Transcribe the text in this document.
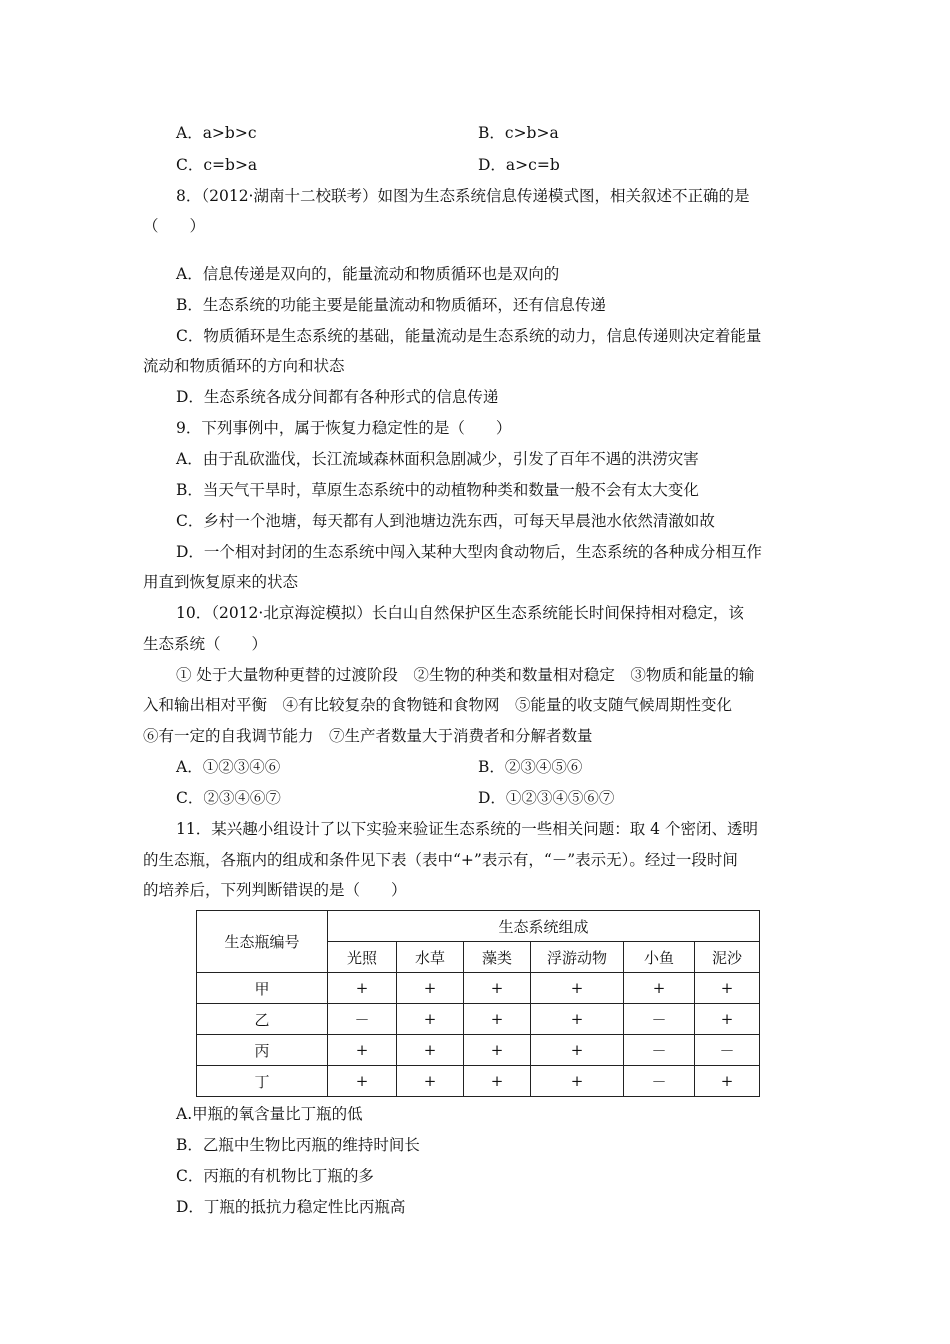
A．a>b>c	B．c>b>a
C．c=b>a	D．a>c=b
8．（2012·湖南十二校联考）如图为生态系统信息传递模式图，相关叙述不正确的是
（　　）
A．信息传递是双向的，能量流动和物质循环也是双向的
B．生态系统的功能主要是能量流动和物质循环，还有信息传递
C．物质循环是生态系统的基础，能量流动是生态系统的动力，信息传递则决定着能量
流动和物质循环的方向和状态
D．生态系统各成分间都有各种形式的信息传递
9．下列事例中，属于恢复力稳定性的是（　　）
A．由于乱砍滥伐，长江流域森林面积急剧减少，引发了百年不遇的洪涝灾害
B．当天气干旱时，草原生态系统中的动植物种类和数量一般不会有太大变化
C．乡村一个池塘，每天都有人到池塘边洗东西，可每天早晨池水依然清澈如故
D．一个相对封闭的生态系统中闯入某种大型肉食动物后，生态系统的各种成分相互作
用直到恢复原来的状态
10．（2012·北京海淀模拟）长白山自然保护区生态系统能长时间保持相对稳定，该
生态系统（　　）
① 处于大量物种更替的过渡阶段　②生物的种类和数量相对稳定　③物质和能量的输
入和输出相对平衡　④有比较复杂的食物链和食物网　⑤能量的收支随气候周期性变化
⑥有一定的自我调节能力　⑦生产者数量大于消费者和分解者数量
A．①②③④⑥	B．②③④⑤⑥
C．②③④⑥⑦	D．①②③④⑤⑥⑦
11．某兴趣小组设计了以下实验来验证生态系统的一些相关问题：取 4 个密闭、透明
的生态瓶，各瓶内的组成和条件见下表（表中“+”表示有，“－”表示无）。经过一段时间
的培养后，下列判断错误的是（　　）
生态瓶编号	生态系统组成					
	光照	水草	藻类	浮游动物	小鱼	泥沙
甲	+	+	+	+	+	+
乙	－	+	+	+	－	+
丙	+	+	+	+	－	－
丁	+	+	+	+	－	+
A.甲瓶的氧含量比丁瓶的低
B．乙瓶中生物比丙瓶的维持时间长
C．丙瓶的有机物比丁瓶的多
D．丁瓶的抵抗力稳定性比丙瓶高
